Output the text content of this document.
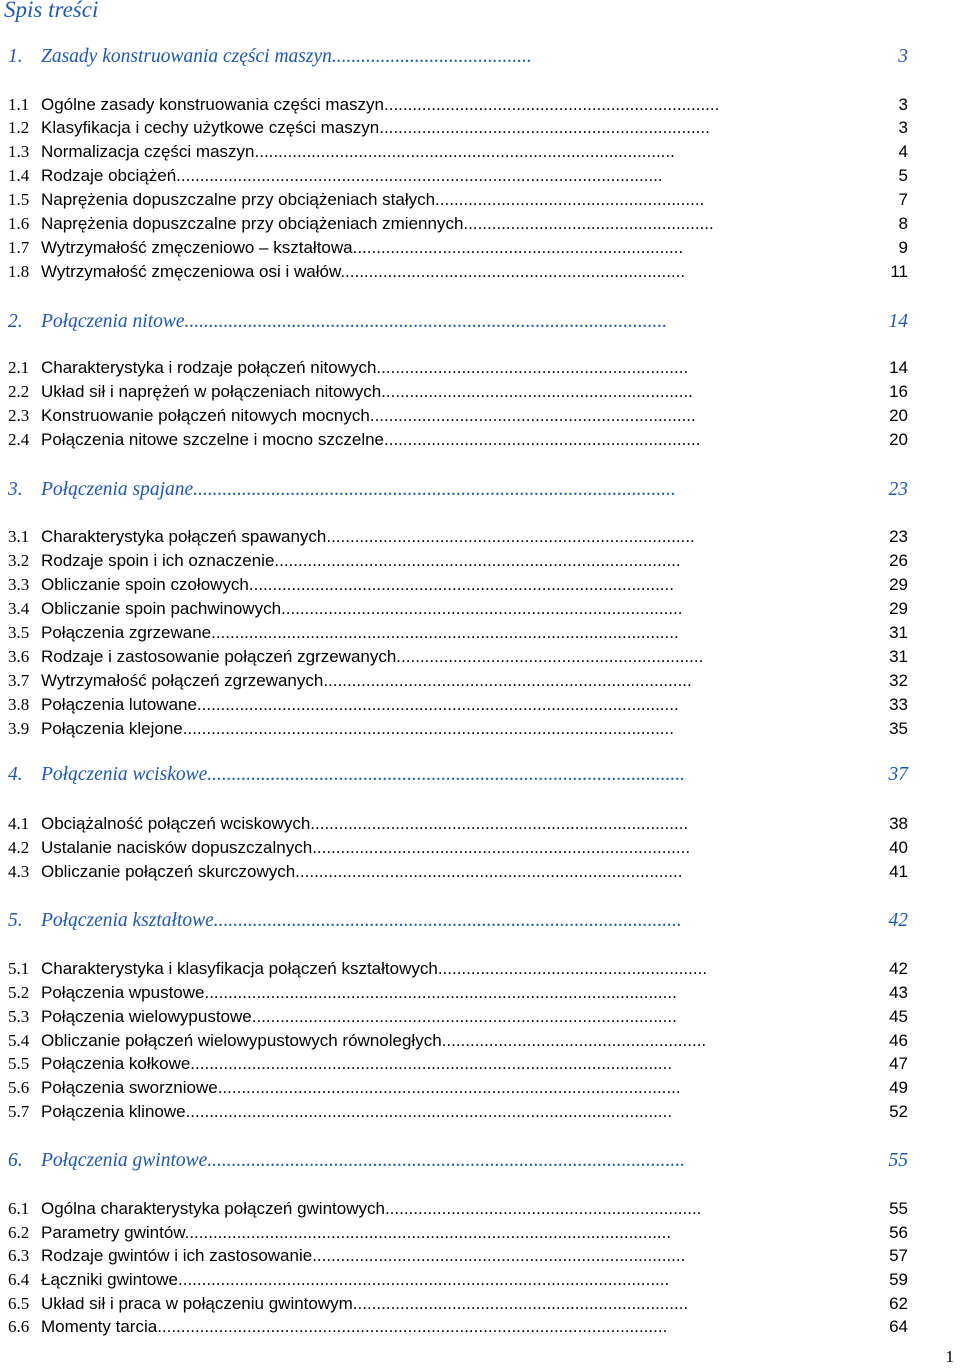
Spis treści
1. Zasady konstruowania części maszyn.........................................	3
1.1 Ogólne zasady konstruowania części maszyn.......................................................................	3
1.2 Klasyfikacja i cechy użytkowe części maszyn......................................................................	3
1.3 Normalizacja części maszyn.........................................................................................	4
1.4 Rodzaje obciążeń.......................................................................................................	5
1.5 Naprężenia dopuszczalne przy obciążeniach stałych.........................................................	7
1.6 Naprężenia dopuszczalne przy obciążeniach zmiennych.....................................................	8
1.7 Wytrzymałość zmęczeniowo – kształtowa......................................................................	9
1.8 Wytrzymałość zmęczeniowa osi i wałów.........................................................................	11
2. Połączenia nitowe...................................................................................................	14
2.1 Charakterystyka i rodzaje połączeń nitowych..................................................................	14
2.2 Układ sił i naprężeń w połączeniach nitowych..................................................................	16
2.3 Konstruowanie połączeń nitowych mocnych.....................................................................	20
2.4 Połączenia nitowe szczelne i mocno szczelne...................................................................	20
3. Połączenia spajane...................................................................................................	23
3.1 Charakterystyka połączeń spawanych..............................................................................	23
3.2 Rodzaje spoin i ich oznaczenie......................................................................................	26
3.3 Obliczanie spoin czołowych..........................................................................................	29
3.4 Obliczanie spoin pachwinowych.....................................................................................	29
3.5 Połączenia zgrzewane...................................................................................................	31
3.6 Rodzaje i zastosowanie połączeń zgrzewanych.................................................................	31
3.7 Wytrzymałość połączeń zgrzewanych..............................................................................	32
3.8 Połączenia lutowane......................................................................................................	33
3.9 Połączenia klejone........................................................................................................	35
4. Połączenia wciskowe..................................................................................................	37
4.1 Obciążalność połączeń wciskowych................................................................................	38
4.2 Ustalanie nacisków dopuszczalnych................................................................................	40
4.3 Obliczanie połączeń skurczowych..................................................................................	41
5. Połączenia kształtowe................................................................................................	42
5.1 Charakterystyka i klasyfikacja połączeń kształtowych.........................................................	42
5.2 Połączenia wpustowe....................................................................................................	43
5.3 Połączenia wielowypustowe..........................................................................................	45
5.4 Obliczanie połączeń wielowypustowych równoległych........................................................	46
5.5 Połączenia kołkowe......................................................................................................	47
5.6 Połączenia sworzniowe..................................................................................................	49
5.7 Połączenia klinowe.......................................................................................................	52
6. Połączenia gwintowe..................................................................................................	55
6.1 Ogólna charakterystyka połączeń gwintowych...................................................................	55
6.2 Parametry gwintów.......................................................................................................	56
6.3 Rodzaje gwintów i ich zastosowanie...............................................................................	57
6.4 Łączniki gwintowe........................................................................................................	59
6.5 Układ sił i praca w połączeniu gwintowym.......................................................................	62
6.6 Momenty tarcia............................................................................................................	64
1
